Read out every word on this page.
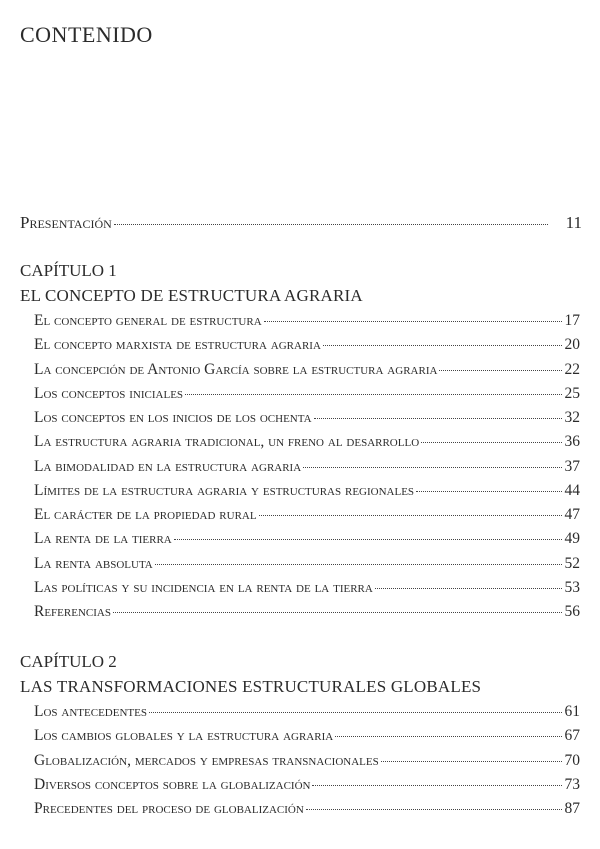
CONTENIDO
Presentación	11
CAPÍTULO 1
EL CONCEPTO DE ESTRUCTURA AGRARIA
El concepto general de estructura	17
El concepto marxista de estructura agraria	20
La concepción de Antonio García sobre la estructura agraria	22
Los conceptos iniciales	25
Los conceptos en los inicios de los ochenta	32
La estructura agraria tradicional, un freno al desarrollo	36
La bimodalidad en la estructura agraria	37
Límites de la estructura agraria y estructuras regionales	44
El carácter de la propiedad rural	47
La renta de la tierra	49
La renta absoluta	52
Las políticas y su incidencia en la renta de la tierra	53
Referencias	56
CAPÍTULO 2
LAS TRANSFORMACIONES ESTRUCTURALES GLOBALES
Los antecedentes	61
Los cambios globales y la estructura agraria	67
Globalización, mercados y empresas transnacionales	70
Diversos conceptos sobre la globalización	73
Precedentes del proceso de globalización	87
